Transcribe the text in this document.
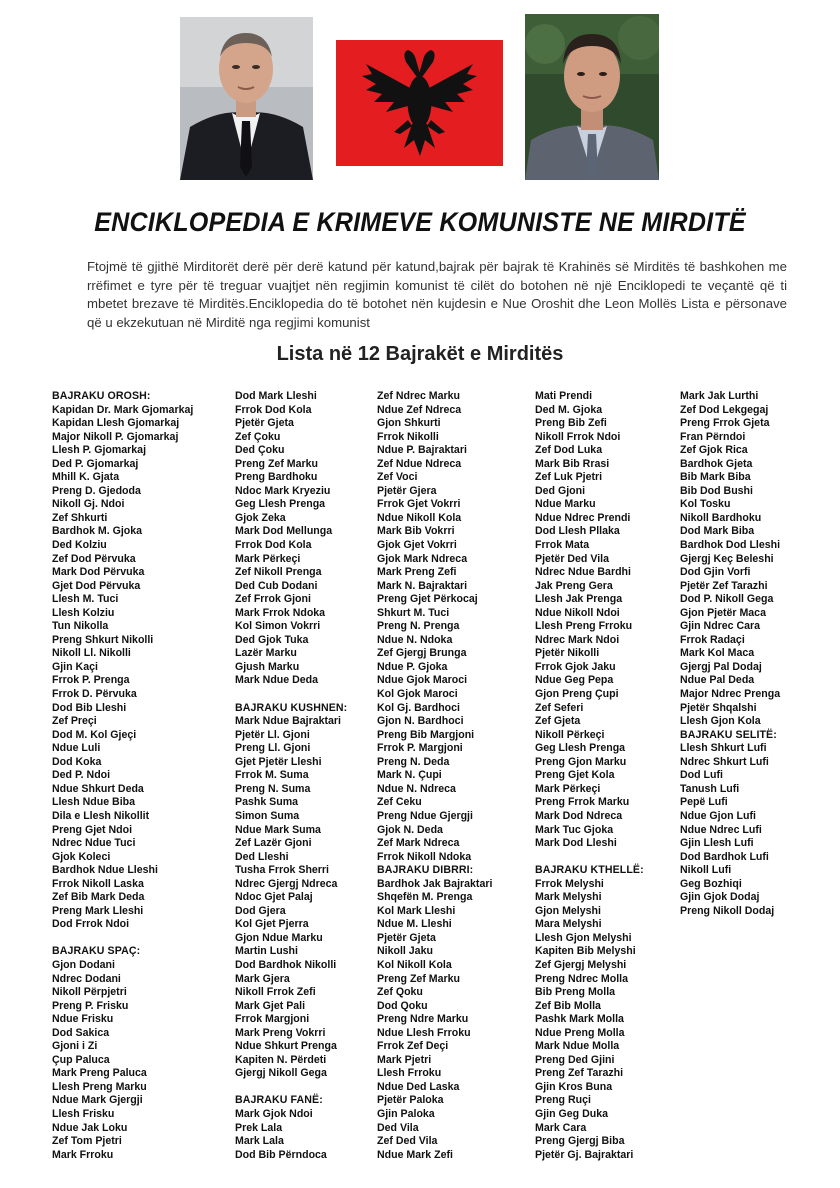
ENCIKLOPEDIA E KRIMEVE KOMUNISTE NE MIRDITË
Ftojmë të gjithë Mirditorët derë për derë katund për katund,bajrak për bajrak të Krahinës së Mirditës të bashkohen me rrëfimet e tyre për të treguar vuajtjet nën regjimin komunist të cilët do botohen në një Enciklopedi te veçantë që ti mbetet brezave të Mirditës.Enciklopedia do të botohet nën kujdesin e Nue Oroshit dhe Leon Mollës Lista e përsonave që u ekzekutuan në Mirditë nga regjimi komunist
Lista në 12 Bajrakët e Mirditës
BAJRAKU OROSH:
Kapidan Dr. Mark Gjomarkaj
Kapidan Llesh Gjomarkaj
Major Nikoll P. Gjomarkaj
Llesh P. Gjomarkaj
Ded P. Gjomarkaj
Mhill K. Gjata
Preng D. Gjedoda
Nikoll Gj. Ndoi
Zef Shkurti
Bardhok M. Gjoka
Ded Kolziu
Zef Dod Përvuka
Mark Dod Përvuka
Gjet Dod Përvuka
Llesh M. Tuci
Llesh Kolziu
Tun Nikolla
Preng Shkurt Nikolli
Nikoll Ll. Nikolli
Gjin Kaçi
Frrok P. Prenga
Frrok D. Përvuka
Dod Bib Lleshi
Zef Preçi
Dod M. Kol Gjeçi
Ndue Luli
Dod Koka
Ded P. Ndoi
Ndue Shkurt Deda
Llesh Ndue Biba
Dila e Llesh Nikollit
Preng Gjet Ndoi
Ndrec Ndue Tuci
Gjok Koleci
Bardhok Ndue Lleshi
Frrok Nikoll Laska
Zef Bib Mark Deda
Preng Mark Lleshi
Dod Frrok Ndoi
BAJRAKU SPAÇ:
Gjon Dodani
Ndrec Dodani
Nikoll Përpjetri
Preng P. Frisku
Ndue Frisku
Dod Sakica
Gjoni i Zi
Çup Paluca
Mark Preng Paluca
Llesh Preng Marku
Ndue Mark Gjergji
Llesh Frisku
Ndue Jak Loku
Zef Tom Pjetri
Mark Frroku
Dod Mark Lleshi
Frrok Dod Kola
Pjetër Gjeta
Zef Çoku
Ded Çoku
Preng Zef Marku
Preng Bardhoku
Ndoc Mark Kryeziu
Geg Llesh Prenga
Gjok Zeka
Mark Dod Mellunga
Frrok Dod Kola
Mark Përkeçi
Zef Nikoll Prenga
Ded Cub Dodani
Zef Frrok Gjoni
Mark Frrok Ndoka
Kol Simon Vokrri
Ded Gjok Tuka
Lazër Marku
Gjush Marku
Mark Ndue Deda
BAJRAKU KUSHNEN:
Mark Ndue Bajraktari
Pjetër Ll. Gjoni
Preng Ll. Gjoni
Gjet Pjetër Lleshi
Frrok M. Suma
Preng N. Suma
Pashk Suma
Simon Suma
Ndue Mark Suma
Zef Lazër Gjoni
Ded Lleshi
Tusha Frrok Sherri
Ndrec Gjergj Ndreca
Ndoc Gjet Palaj
Dod Gjera
Kol Gjet Pjerra
Gjon Ndue Marku
Martin Lushi
Dod Bardhok Nikolli
Mark Gjera
Nikoll Frrok Zefi
Mark Gjet Pali
Frrok Margjoni
Mark Preng Vokrri
Ndue Shkurt Prenga
Kapiten N. Përdeti
Gjergj Nikoll Gega
BAJRAKU FANË:
Mark Gjok Ndoi
Prek Lala
Mark Lala
Dod Bib Përndoca
Zef Ndrec Marku
Ndue Zef Ndreca
Gjon Shkurti
Frrok Nikolli
Ndue P. Bajraktari
Zef Ndue Ndreca
Zef Voci
Pjetër Gjera
Frrok Gjet Vokrri
Ndue Nikoll Kola
Mark Bib Vokrri
Gjok Gjet Vokrri
Gjok Mark Ndreca
Mark Preng Zefi
Mark N. Bajraktari
Preng Gjet Përkocaj
Shkurt M. Tuci
Preng N. Prenga
Ndue N. Ndoka
Zef Gjergj Brunga
Ndue P. Gjoka
Ndue Gjok Maroci
Kol Gjok Maroci
Kol Gj. Bardhoci
Gjon N. Bardhoci
Preng Bib Margjoni
Frrok P. Margjoni
Preng N. Deda
Mark N. Çupi
Ndue N. Ndreca
Zef Ceku
Preng Ndue Gjergji
Gjok N. Deda
Zef Mark Ndreca
Frrok Nikoll Ndoka
BAJRAKU DIBRRI:
Bardhok Jak Bajraktari
Shqefën M. Prenga
Kol Mark Lleshi
Ndue M. Lleshi
Pjetër Gjeta
Nikoll Jaku
Kol Nikoll Kola
Preng Zef Marku
Zef Qoku
Dod Qoku
Preng Ndre Marku
Ndue Llesh Frroku
Frrok Zef Deçi
Mark Pjetri
Llesh Frroku
Ndue Ded Laska
Pjetër Paloka
Gjin Paloka
Ded Vila
Zef Ded Vila
Ndue Mark Zefi
Mati Prendi
Ded M. Gjoka
Preng Bib Zefi
Nikoll Frrok Ndoi
Zef Dod Luka
Mark Bib Rrasi
Zef Luk Pjetri
Ded Gjoni
Ndue Marku
Ndue Ndrec Prendi
Dod Llesh Pllaka
Frrok Mata
Pjetër Ded Vila
Ndrec Ndue Bardhi
Jak Preng Gera
Llesh Jak Prenga
Ndue Nikoll Ndoi
Llesh Preng Frroku
Ndrec Mark Ndoi
Pjetër Nikolli
Frrok Gjok Jaku
Ndue Geg Pepa
Gjon Preng Çupi
Zef Seferi
Zef Gjeta
Nikoll Përkeçi
Gеg Llesh Prenga
Preng Gjon Marku
Preng Gjet Kola
Mark Përkeçi
Preng Frrok Marku
Mark Dod Ndreca
Mark Tuc Gjoka
Mark Dod Lleshi
BAJRAKU KTHELLË:
Frrok Melyshi
Mark Melyshi
Gjon Melyshi
Mara Melyshi
Llesh Gjon Melyshi
Kapiten Bib Melyshi
Zef Gjergj Melyshi
Preng Ndrec Molla
Bib Preng Molla
Zef Bib Molla
Pashk Mark Molla
Ndue Preng Molla
Mark Ndue Molla
Preng Ded Gjini
Preng Zef Tarazhi
Gjin Kros Buna
Preng Ruçi
Gjin Geg Duka
Mark Cara
Preng Gjergj Biba
Pjetër Gj. Bajraktari
Mark Jak Lurthi
Zef Dod Lekgegaj
Preng Frrok Gjeta
Fran Përndoi
Zef Gjok Rica
Bardhok Gjeta
Bib Mark Biba
Bib Dod Bushi
Kol Tosku
Nikoll Bardhoku
Dod Mark Biba
Bardhok Dod Lleshi
Gjergj Keç Beleshi
Dod Gjin Vorfi
Pjetër Zef Tarazhi
Dod P. Nikoll Gega
Gjon Pjetër Maca
Gjin Ndrec Cara
Frrok Radaçi
Mark Kol Maca
Gjergj Pal Dodaj
Ndue Pal Deda
Major Ndrec Prenga
Pjetër Shqalshi
Llesh Gjon Kola
BAJRAKU SELITË:
Llesh Shkurt Lufi
Ndrec Shkurt Lufi
Dod Lufi
Tanush Lufi
Pepë Lufi
Ndue Gjon Lufi
Ndue Ndrec Lufi
Gjin Llesh Lufi
Dod Bardhok Lufi
Nikoll Lufi
Geg Bozhiqi
Gjin Gjok Dodaj
Preng Nikoll Dodaj
